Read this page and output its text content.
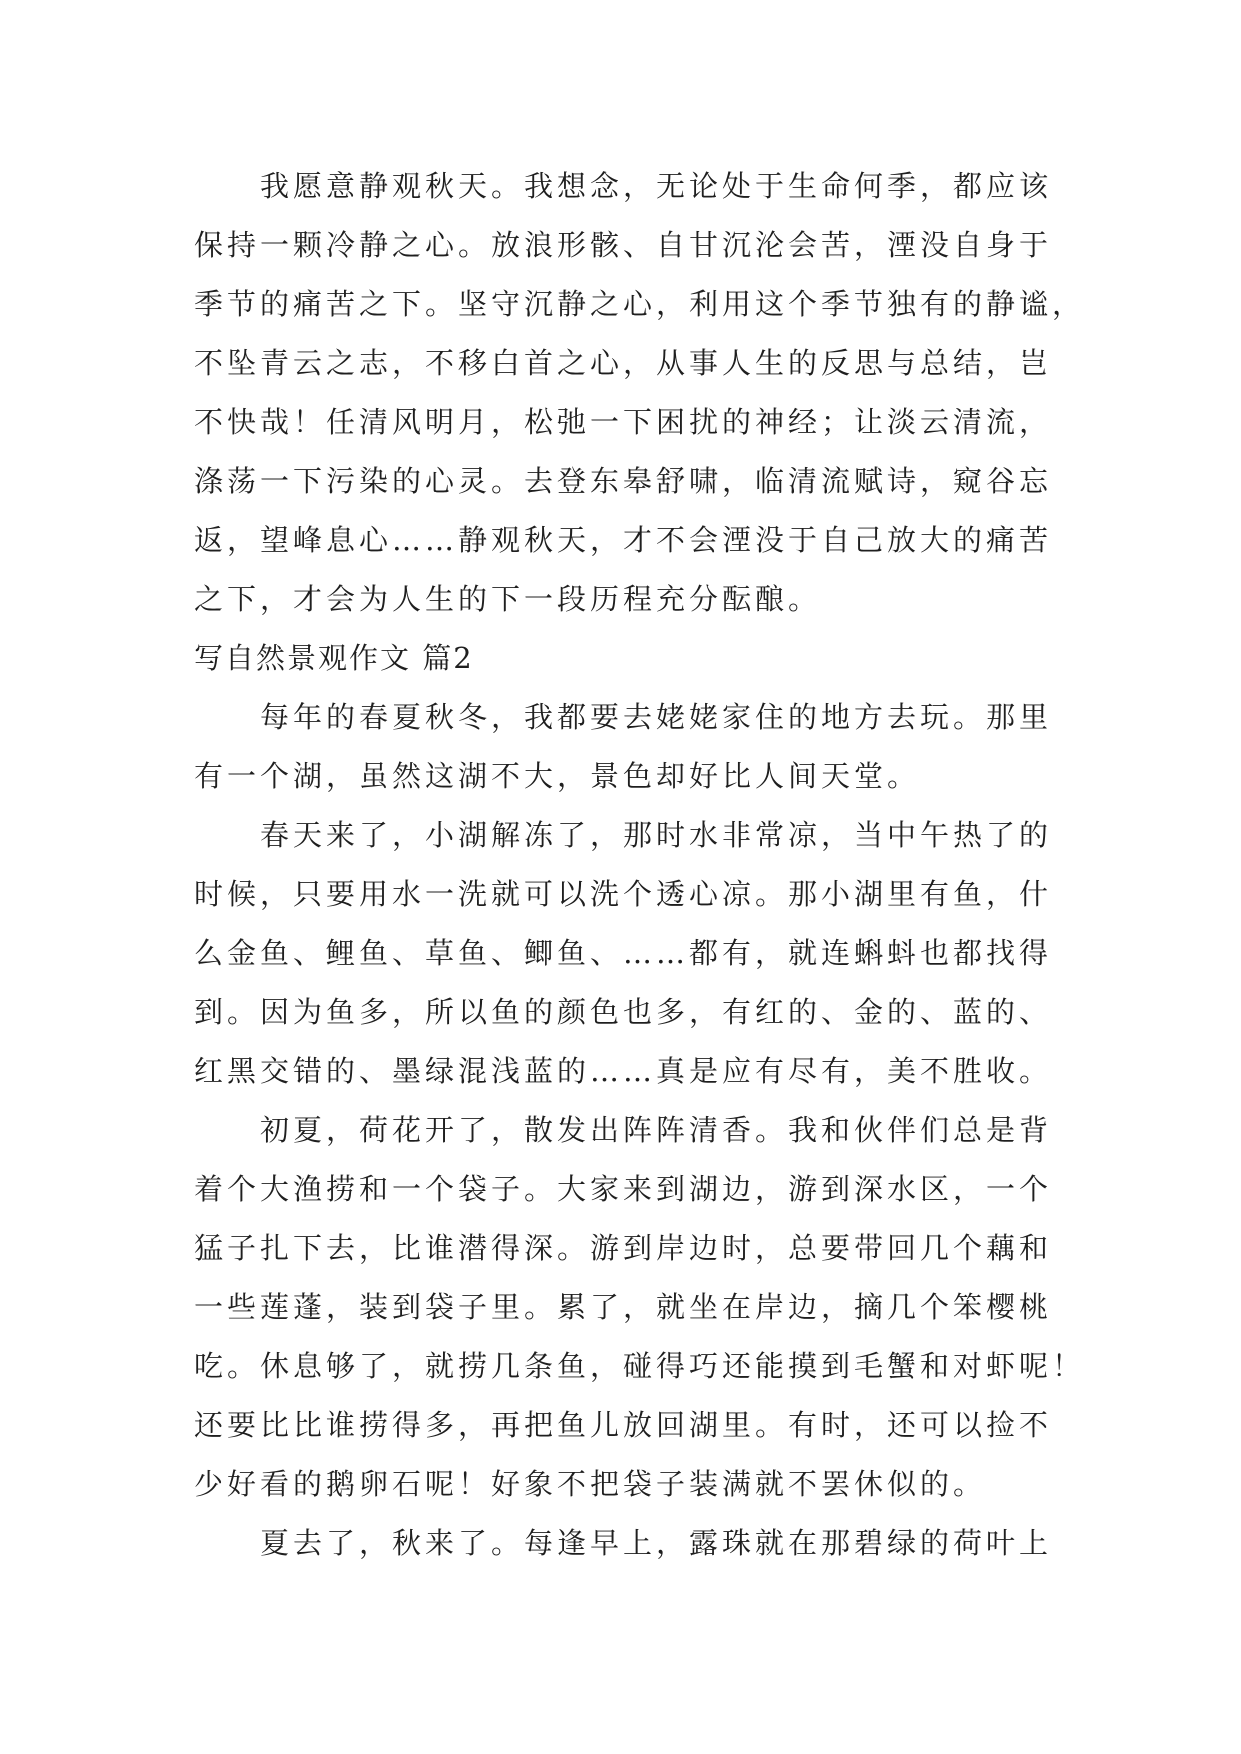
我愿意静观秋天。我想念，无论处于生命何季，都应该
保持一颗冷静之心。放浪形骸、自甘沉沦会苦，湮没自身于
季节的痛苦之下。坚守沉静之心，利用这个季节独有的静谧，
不坠青云之志，不移白首之心，从事人生的反思与总结，岂
不快哉！任清风明月，松弛一下困扰的神经；让淡云清流，
涤荡一下污染的心灵。去登东皋舒啸，临清流赋诗，窥谷忘
返，望峰息心……静观秋天，才不会湮没于自己放大的痛苦
之下，才会为人生的下一段历程充分酝酿。
写自然景观作文 篇2
每年的春夏秋冬，我都要去姥姥家住的地方去玩。那里
有一个湖，虽然这湖不大，景色却好比人间天堂。
春天来了，小湖解冻了，那时水非常凉，当中午热了的
时候，只要用水一洗就可以洗个透心凉。那小湖里有鱼，什
么金鱼、鲤鱼、草鱼、鲫鱼、……都有，就连蝌蚪也都找得
到。因为鱼多，所以鱼的颜色也多，有红的、金的、蓝的、
红黑交错的、墨绿混浅蓝的……真是应有尽有，美不胜收。
初夏，荷花开了，散发出阵阵清香。我和伙伴们总是背
着个大渔捞和一个袋子。大家来到湖边，游到深水区，一个
猛子扎下去，比谁潜得深。游到岸边时，总要带回几个藕和
一些莲蓬，装到袋子里。累了，就坐在岸边，摘几个笨樱桃
吃。休息够了，就捞几条鱼，碰得巧还能摸到毛蟹和对虾呢！
还要比比谁捞得多，再把鱼儿放回湖里。有时，还可以捡不
少好看的鹅卵石呢！好象不把袋子装满就不罢休似的。
夏去了，秋来了。每逢早上，露珠就在那碧绿的荷叶上
